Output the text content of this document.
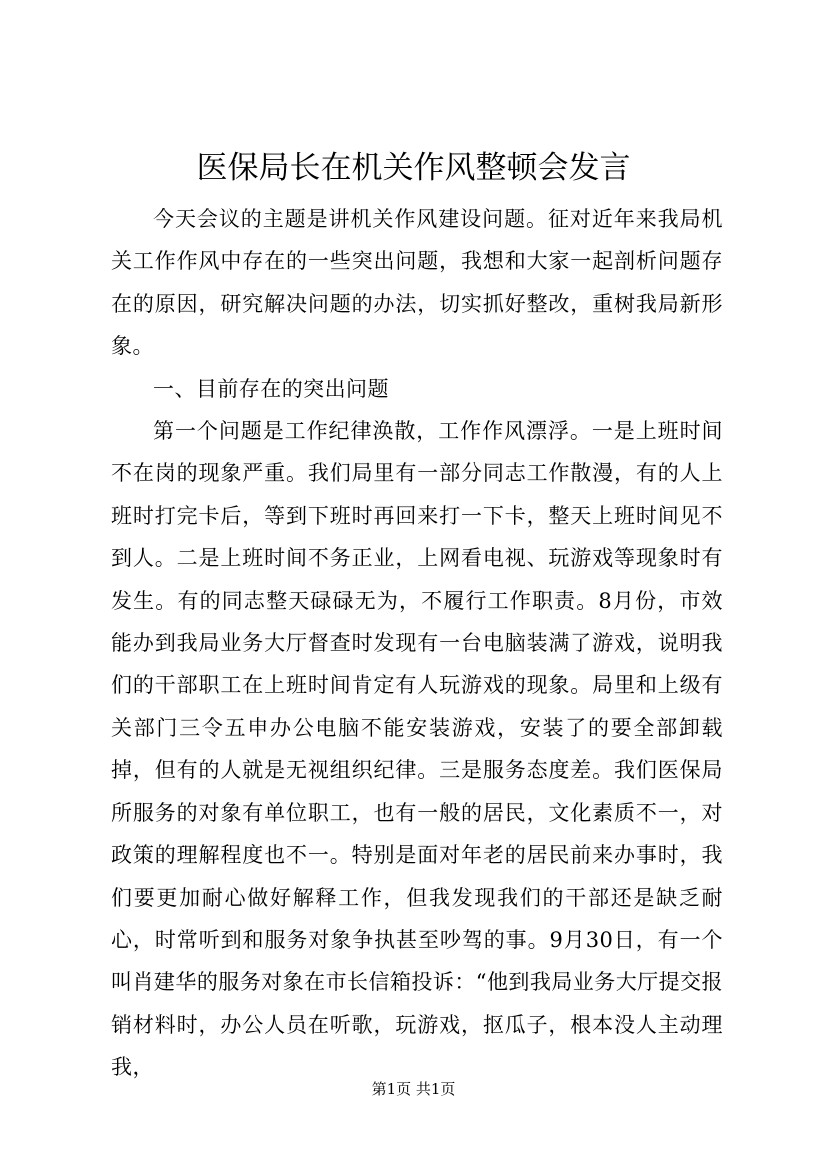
医保局长在机关作风整顿会发言

今天会议的主题是讲机关作风建设问题。征对近年来我局机关工作作风中存在的一些突出问题，我想和大家一起剖析问题存在的原因，研究解决问题的办法，切实抓好整改，重树我局新形象。

一、目前存在的突出问题

第一个问题是工作纪律涣散，工作作风漂浮。一是上班时间不在岗的现象严重。我们局里有一部分同志工作散漫，有的人上班时打完卡后，等到下班时再回来打一下卡，整天上班时间见不到人。二是上班时间不务正业，上网看电视、玩游戏等现象时有发生。有的同志整天碌碌无为，不履行工作职责。8月份，市效能办到我局业务大厅督查时发现有一台电脑装满了游戏，说明我们的干部职工在上班时间肯定有人玩游戏的现象。局里和上级有关部门三令五申办公电脑不能安装游戏，安装了的要全部卸载掉，但有的人就是无视组织纪律。三是服务态度差。我们医保局所服务的对象有单位职工，也有一般的居民，文化素质不一，对政策的理解程度也不一。特别是面对年老的居民前来办事时，我们要更加耐心做好解释工作，但我发现我们的干部还是缺乏耐心，时常听到和服务对象争执甚至吵驾的事。9月30日，有一个叫肖建华的服务对象在市长信箱投诉：“他到我局业务大厅提交报销材料时，办公人员在听歌，玩游戏，抠瓜子，根本没人主动理我，

第1页 共1页
